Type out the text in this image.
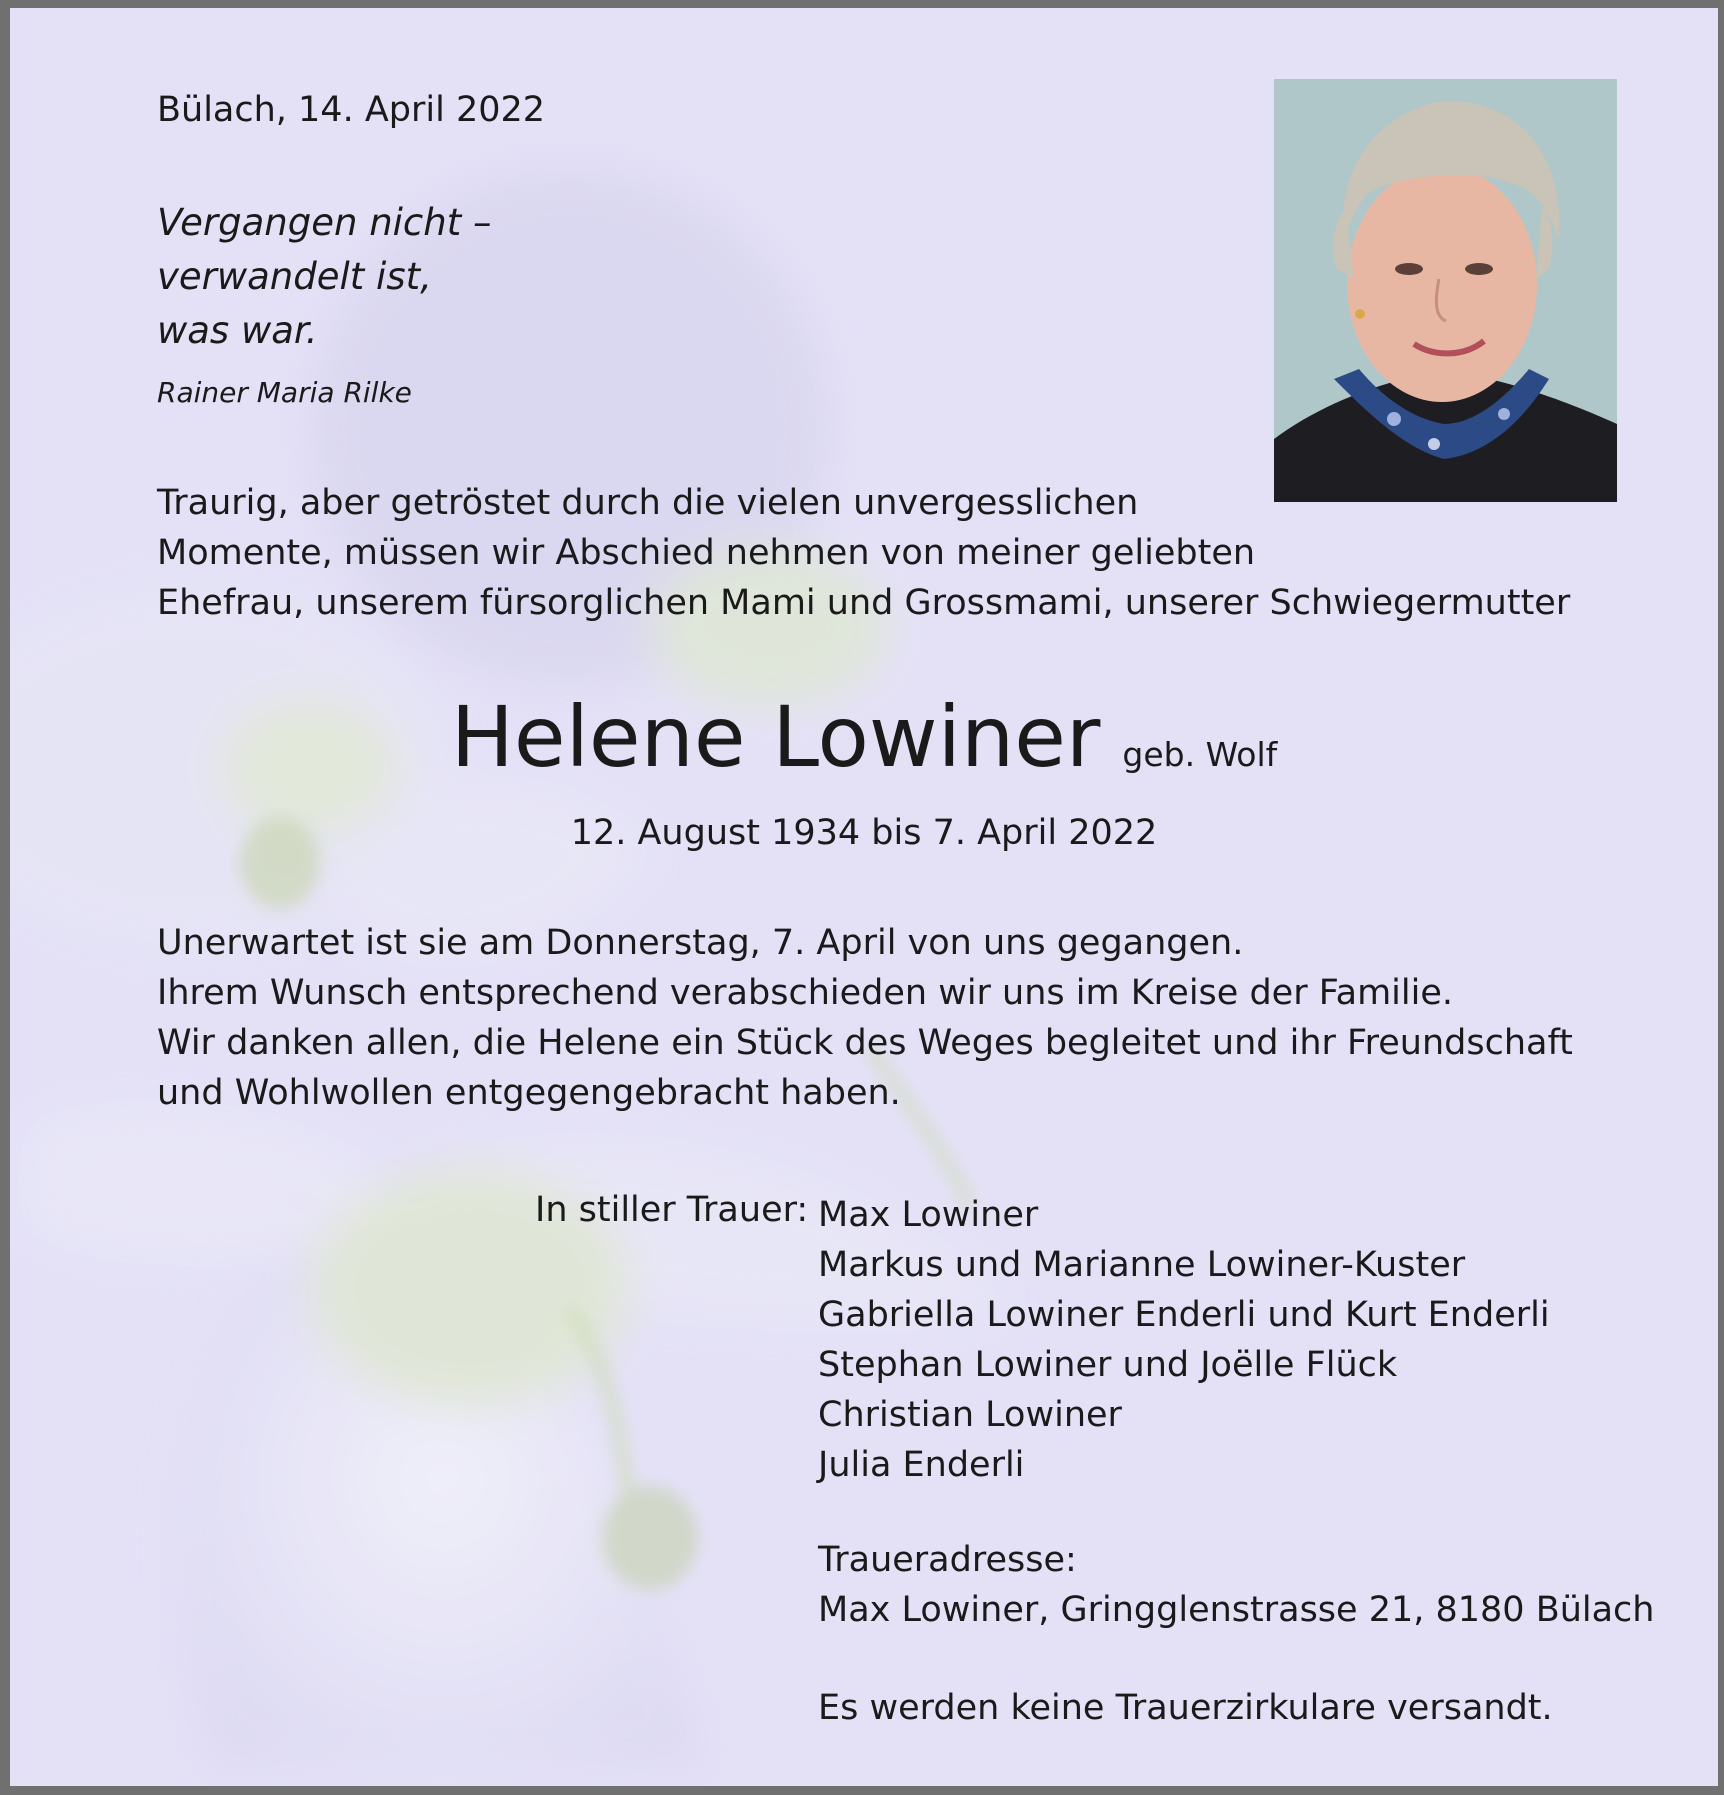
Bülach, 14. April 2022
Vergangen nicht –
verwandelt ist,
was war.
Rainer Maria Rilke
Traurig, aber getröstet durch die vielen unvergesslichen
Momente, müssen wir Abschied nehmen von meiner geliebten
Ehefrau, unserem fürsorglichen Mami und Grossmami, unserer Schwiegermutter
Helene Lowiner geb. Wolf
12. August 1934 bis 7. April 2022
Unerwartet ist sie am Donnerstag, 7. April von uns gegangen.
Ihrem Wunsch entsprechend verabschieden wir uns im Kreise der Familie.
Wir danken allen, die Helene ein Stück des Weges begleitet und ihr Freundschaft
und Wohlwollen entgegengebracht haben.
In stiller Trauer: Max Lowiner
Markus und Marianne Lowiner-Kuster
Gabriella Lowiner Enderli und Kurt Enderli
Stephan Lowiner und Joëlle Flück
Christian Lowiner
Julia Enderli
Traueradresse:
Max Lowiner, Gringglenstrasse 21, 8180 Bülach
Es werden keine Trauerzirkulare versandt.
